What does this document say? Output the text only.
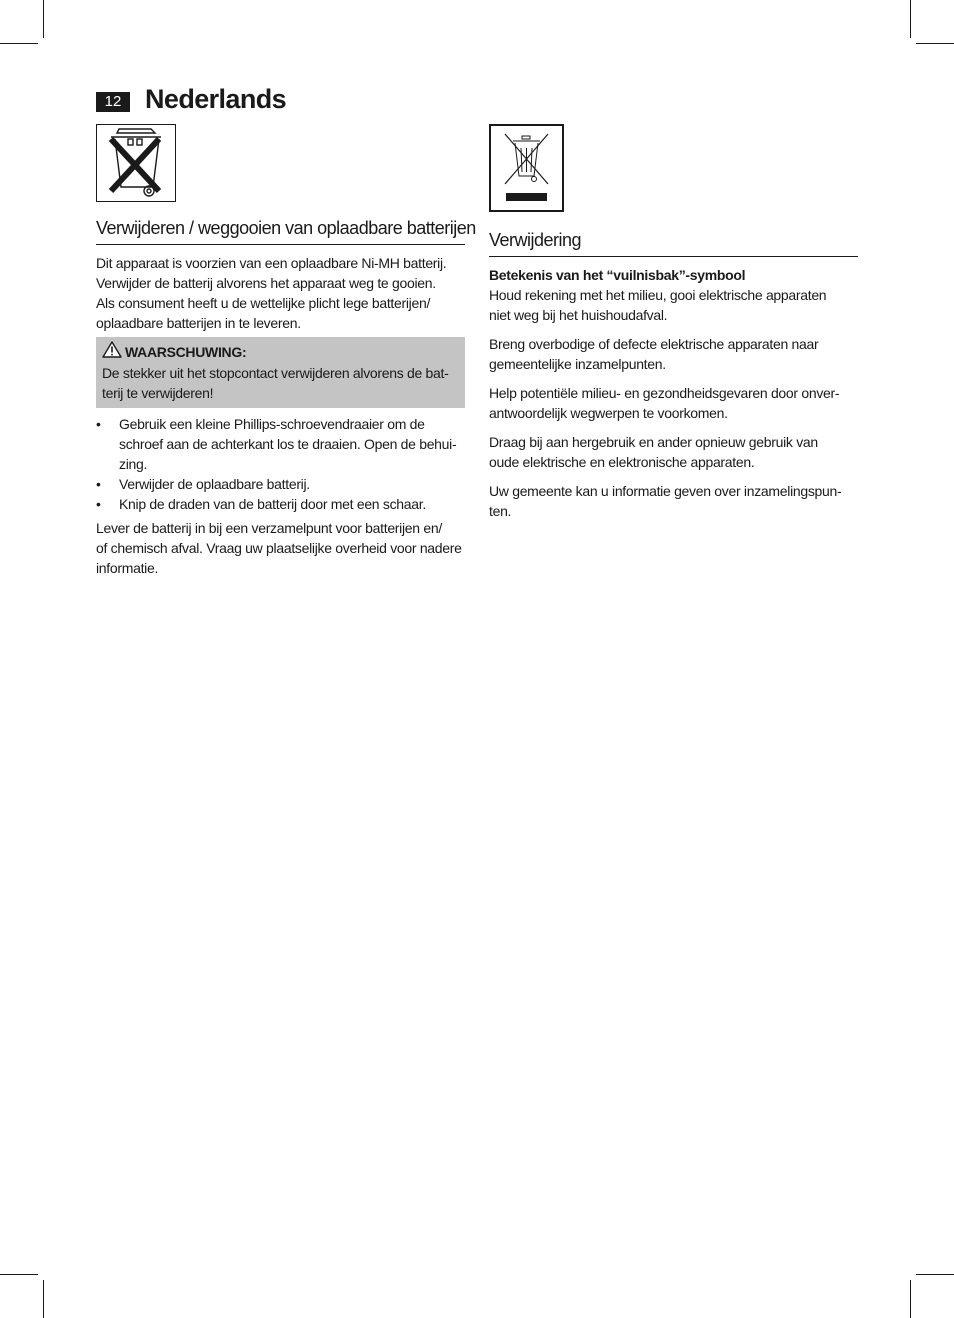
12 Nederlands
Verwijderen / weggooien van oplaadbare batterijen

Dit apparaat is voorzien van een oplaadbare Ni-MH batterij.
Verwijder de batterij alvorens het apparaat weg te gooien.
Als consument heeft u de wettelijke plicht lege batterijen/
oplaadbare batterijen in te leveren.

WAARSCHUWING:
De stekker uit het stopcontact verwijderen alvorens de bat-
terij te verwijderen!
• Gebruik een kleine Phillips-schroevendraaier om de
schroef aan de achterkant los te draaien. Open de behui-
zing.
• Verwijder de oplaadbare batterij.
• Knip de draden van de batterij door met een schaar.

Lever de batterij in bij een verzamelpunt voor batterijen en/
of chemisch afval. Vraag uw plaatselijke overheid voor nadere
informatie.

Verwijdering
Betekenis van het “vuilnisbak”-symbool

Houd rekening met het milieu, gooi elektrische apparaten
niet weg bij het huishoudafval.

Breng overbodige of defecte elektrische apparaten naar
gemeentelijke inzamelpunten.

Help potentiële milieu- en gezondheidsgevaren door onver-
antwoordelijk wegwerpen te voorkomen.

Draag bij aan hergebruik en ander opnieuw gebruik van
oude elektrische en elektronische apparaten.

Uw gemeente kan u informatie geven over inzamelingspun-
ten.
